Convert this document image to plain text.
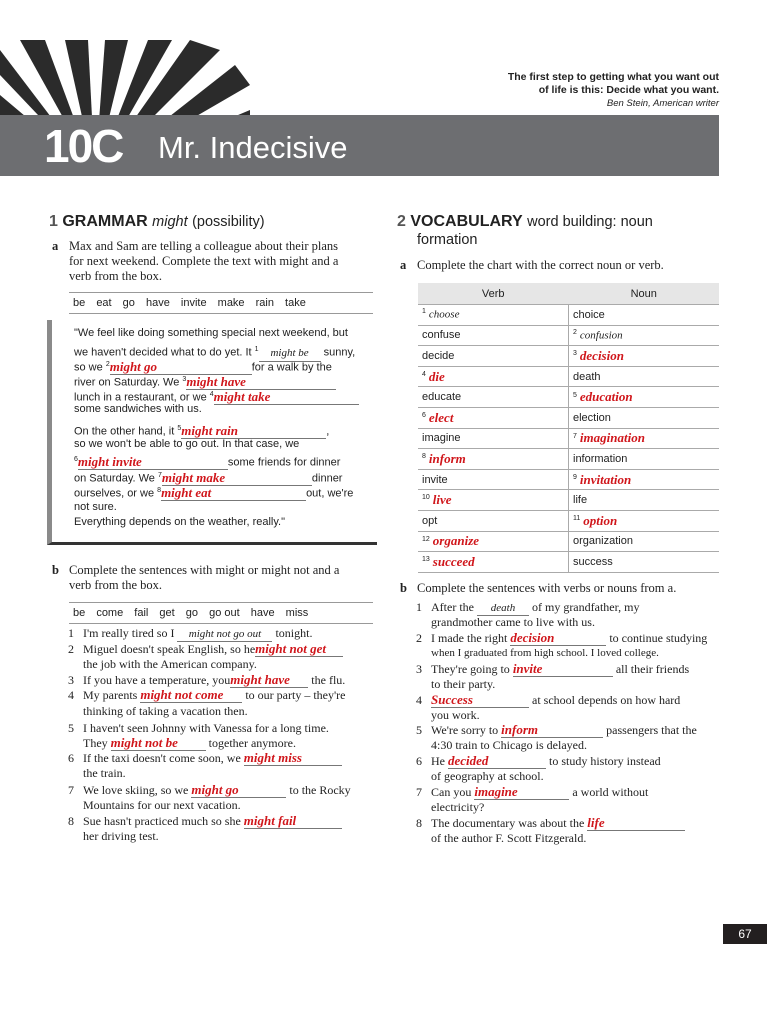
The first step to getting what you want out
of life is this: Decide what you want.
Ben Stein, American writer
10C Mr. Indecisive
1 GRAMMAR might (possibility)
a Max and Sam are telling a colleague about their plans
for next weekend. Complete the text with might and a
verb from the box.
be eat go have invite make rain take
"We feel like doing something special next weekend, but
we haven't decided what to do yet. It $^1$ might be sunny,
so we $^2$might go	for a walk by the
river on Saturday. We $^3$might have
lunch in a restaurant, or we $^4$might take
some sandwiches with us.
On the other hand, it $^5$might rain	,
so we won't be able to go out. In that case, we
$^6$might invite	some friends for dinner
on Saturday. We $^7$might make	dinner
ourselves, or we $^8$might eat	out, we're
not sure.
Everything depends on the weather, really."
b Complete the sentences with might or might not and a
verb from the box.
be come fail get go go out have miss
1 I'm really tired so I might not go out tonight.
2 Miguel doesn't speak English, so hemight not get
the job with the American company.
3 If you have a temperature, youmight have the flu.
4 My parents might not come to our party – they're
thinking of taking a vacation then.
5 I haven't seen Johnny with Vanessa for a long time.
They might not be	together anymore.
6 If the taxi doesn't come soon, we might miss
the train.
7 We love skiing, so we might go	to the Rocky
Mountains for our next vacation.
8 Sue hasn't practiced much so she might fail
her driving test.
2 VOCABULARY word building: noun
formation
a Complete the chart with the correct noun or verb.
Verb	Noun
$^1$ choose	choice
confuse	$^2$ confusion
decide	$^3$ decision
$^4$ die	death
educate	$^5$ education
$^6$ elect	election
imagine	$^7$ imagination
$^8$ inform	information
invite	$^9$ invitation
$^{10}$ live	life
opt	$^{11}$ option
$^{12}$ organize	organization
$^{13}$ succeed	success
b Complete the sentences with verbs or nouns from a.
1 After the death of my grandfather, my
grandmother came to live with us.
2 I made the right decision	to continue studying
when I graduated from high school. I loved college.
3 They're going to invite	all their friends
to their party.
4 Success	at school depends on how hard
you work.
5 We're sorry to inform	passengers that the
4:30 train to Chicago is delayed.
6 He decided	to study history instead
of geography at school.
7 Can you imagine	a world without
electricity?
8 The documentary was about the life
of the author F. Scott Fitzgerald.
67
